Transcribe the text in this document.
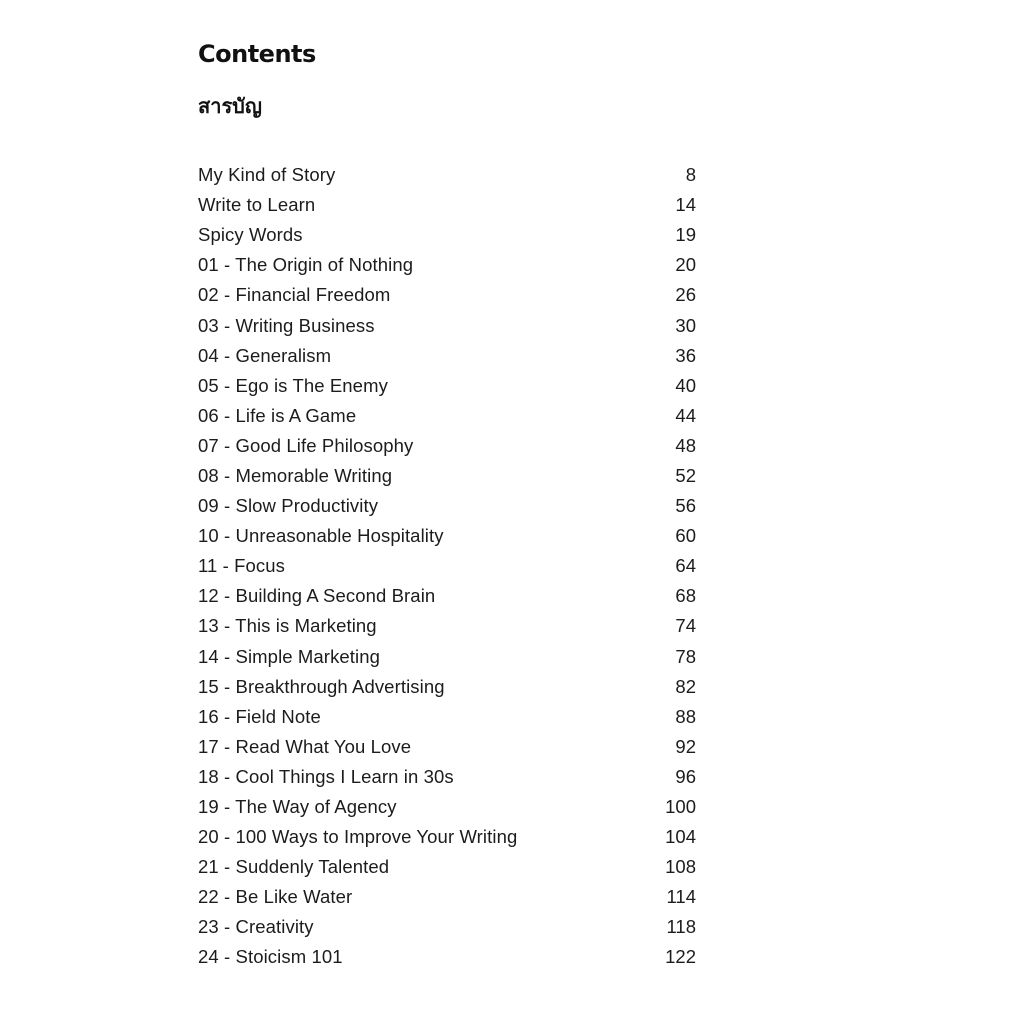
Contents
สารบัญ
My Kind of Story	8
Write to Learn	14
Spicy Words	19
01 - The Origin of Nothing	20
02 - Financial Freedom	26
03 - Writing Business	30
04 - Generalism	36
05 - Ego is The Enemy	40
06 - Life is A Game	44
07 - Good Life Philosophy	48
08 - Memorable Writing	52
09 - Slow Productivity	56
10 - Unreasonable Hospitality	60
11 - Focus	64
12 - Building A Second Brain	68
13 - This is Marketing	74
14 - Simple Marketing	78
15 - Breakthrough Advertising	82
16 - Field Note	88
17 - Read What You Love	92
18 - Cool Things I Learn in 30s	96
19 - The Way of Agency	100
20 - 100 Ways to Improve Your Writing	104
21 - Suddenly Talented	108
22 - Be Like Water	114
23 - Creativity	118
24 - Stoicism 101	122
